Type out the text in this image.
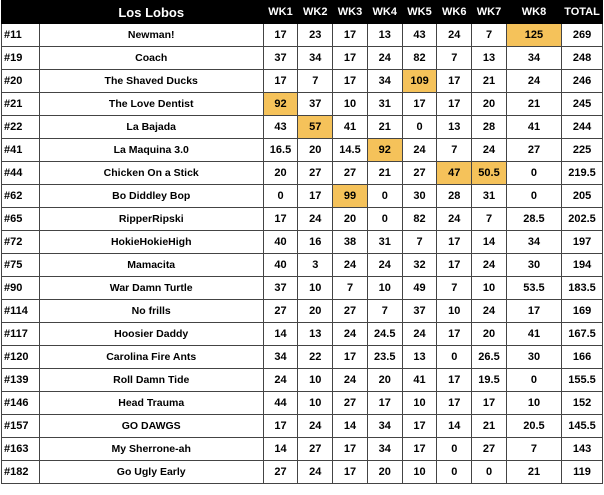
	Los Lobos	WK1	WK2	WK3	WK4	WK5	WK6	WK7	WK8	TOTAL
#11	Newman!	17	23	17	13	43	24	7	125	269
#19	Coach	37	34	17	24	82	7	13	34	248
#20	The Shaved Ducks	17	7	17	34	109	17	21	24	246
#21	The Love Dentist	92	37	10	31	17	17	20	21	245
#22	La Bajada	43	57	41	21	0	13	28	41	244
#41	La Maquina 3.0	16.5	20	14.5	92	24	7	24	27	225
#44	Chicken On a Stick	20	27	27	21	27	47	50.5	0	219.5
#62	Bo Diddley Bop	0	17	99	0	30	28	31	0	205
#65	RipperRipski	17	24	20	0	82	24	7	28.5	202.5
#72	HokieHokieHigh	40	16	38	31	7	17	14	34	197
#75	Mamacita	40	3	24	24	32	17	24	30	194
#90	War Damn Turtle	37	10	7	10	49	7	10	53.5	183.5
#114	No frills	27	20	27	7	37	10	24	17	169
#117	Hoosier Daddy	14	13	24	24.5	24	17	20	41	167.5
#120	Carolina Fire Ants	34	22	17	23.5	13	0	26.5	30	166
#139	Roll Damn Tide	24	10	24	20	41	17	19.5	0	155.5
#146	Head Trauma	44	10	27	17	10	17	17	10	152
#157	GO DAWGS	17	24	14	34	17	14	21	20.5	145.5
#163	My Sherrone-ah	14	27	17	34	17	0	27	7	143
#182	Go Ugly Early	27	24	17	20	10	0	0	21	119
